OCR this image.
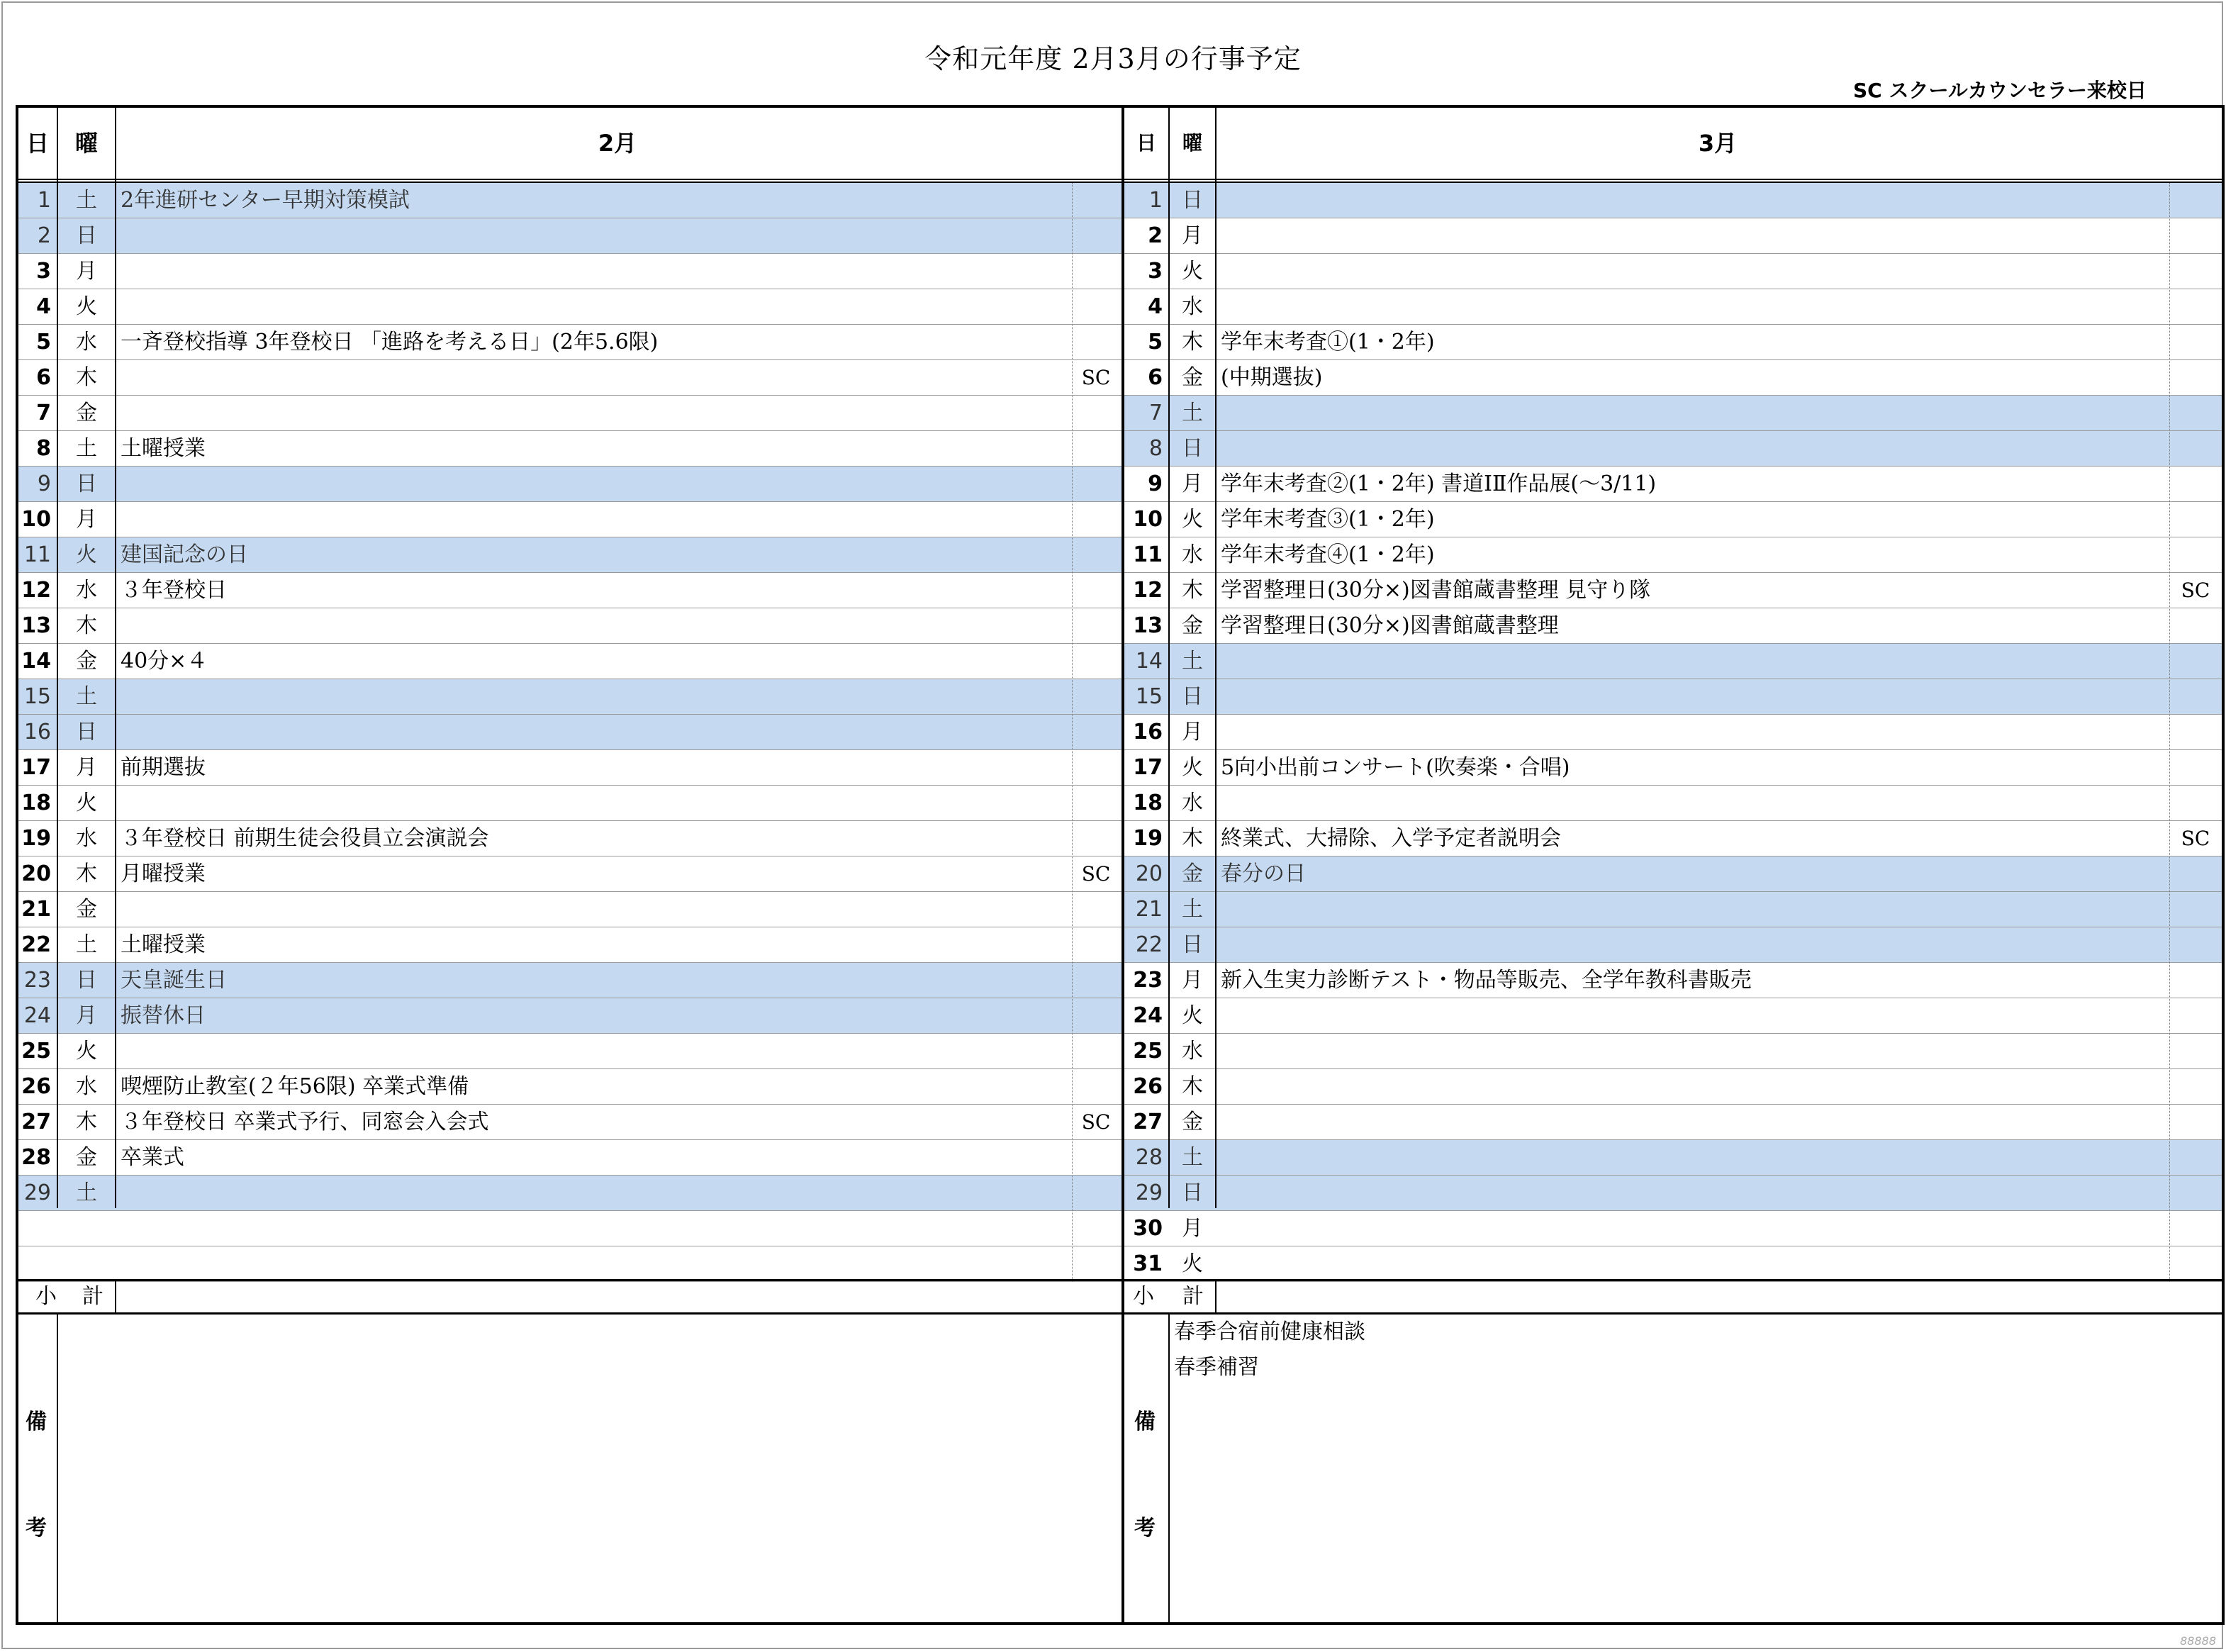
令和元年度 2月3月の行事予定
SC スクールカウンセラー来校日
日	曜	2月
1	土	2年進研センター早期対策模試
2	日
3	月
4	火
5	水	一斉登校指導 3年登校日 「進路を考える日」(2年5.6限)
6	木	SC
7	金
8	土	土曜授業
9	日
10	月
11	火	建国記念の日
12	水	３年登校日
13	木
14	金	40分×４
15	土
16	日
17	月	前期選抜
18	火
19	水	３年登校日 前期生徒会役員立会演説会
20	木	月曜授業	SC
21	金
22	土	土曜授業
23	日	天皇誕生日
24	月	振替休日
25	火
26	水	喫煙防止教室(２年56限) 卒業式準備
27	木	３年登校日 卒業式予行、同窓会入会式	SC
28	金	卒業式
29	土
小 計
備
考
日	曜	3月
1 日
2 月
3 火
4 水
5 木 学年末考査①(1・2年)
6 金 (中期選抜)
7 土
8 日
9 月 学年末考査②(1・2年) 書道ⅠⅡ作品展(～3/11)
10 火 学年末考査③(1・2年)
11 水 学年末考査④(1・2年)
12 木 学習整理日(30分×)図書館蔵書整理 見守り隊	SC
13 金 学習整理日(30分×)図書館蔵書整理
14 土
15 日
16 月
17 火 5向小出前コンサート(吹奏楽・合唱)
18 水
19 木 終業式、大掃除、入学予定者説明会	SC
20 金 春分の日
21 土
22 日
23 月 新入生実力診断テスト・物品等販売、全学年教科書販売
24 火
25 水
26 木
27 金
28 土
29 日
30 月
31 火
小 計
備
考
春季合宿前健康相談
春季補習
88888
